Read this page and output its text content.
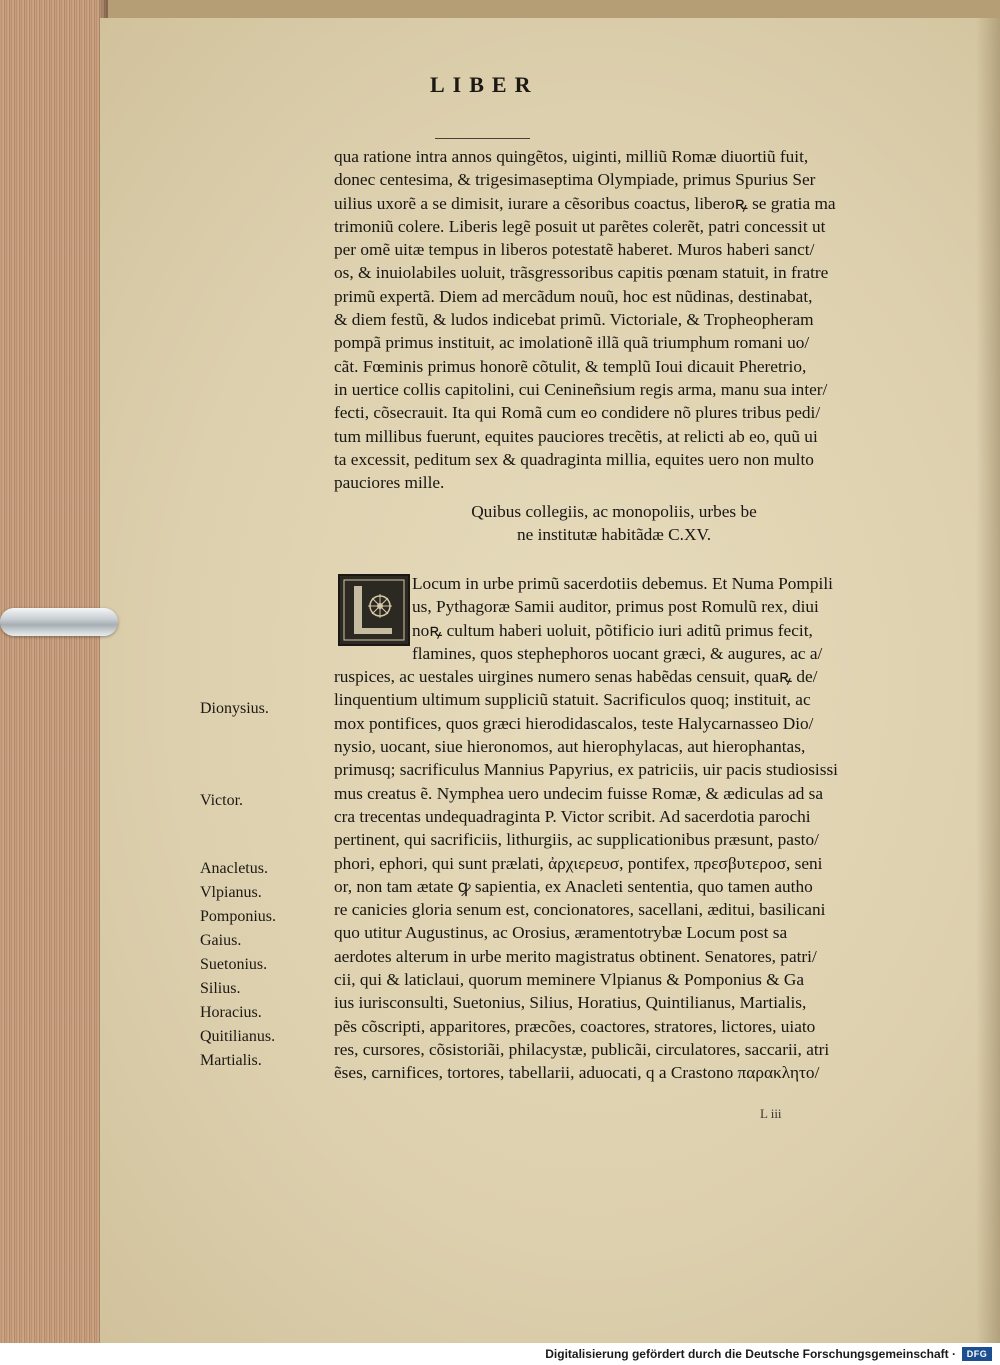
LIBER
qua ratione intra annos quingẽtos, uiginti, milliũ Romæ diuortiũ fuit,
donec centesima, & trigesimaseptima Olympiade, primus Spurius Ser
uilius uxorẽ a se dimisit, iurare a cẽsoribus coactus, liberoꝶ se gratia ma
trimoniũ colere. Liberis legẽ posuit ut parẽtes colerẽt, patri concessit ut
per omẽ uitæ tempus in liberos potestatẽ haberet. Muros haberi sanct/
os, & inuiolabiles uoluit, trãsgressoribus capitis pœnam statuit, in fratre
primũ expertã. Diem ad mercãdum nouũ, hoc est nũdinas, destinabat,
& diem festũ, & ludos indicebat primũ. Victoriale, & Tropheopheram
pompã primus instituit, ac imolationẽ illã quã triumphum romani uo/
cãt. Fœminis primus honorẽ cõtulit, & templũ Ioui dicauit Pheretrio,
in uertice collis capitolini, cui Cenineñsium regis arma, manu sua inter/
fecti, cõsecrauit. Ita qui Romã cum eo condidere nõ plures tribus pedi/
tum millibus fuerunt, equites pauciores trecẽtis, at relicti ab eo, quũ ui
ta excessit, peditum sex & quadraginta millia, equites uero non multo
pauciores mille.
Quibus collegiis, ac monopoliis, urbes be
ne institutæ habitãdæ C.XV.
Locum in urbe primũ sacerdotiis debemus. Et Numa Pompili
us, Pythagoræ Samii auditor, primus post Romulũ rex, diui
noꝶ cultum haberi uoluit, põtificio iuri aditũ primus fecit,
flamines, quos stephephoros uocant græci, & augures, ac a/
ruspices, ac uestales uirgines numero senas habẽdas censuit, quaꝶ de/
linquentium ultimum suppliciũ statuit. Sacrificulos quoq; instituit, ac
mox pontifices, quos græci hierodidascalos, teste Halycarnasseo Dio/
nysio, uocant, siue hieronomos, aut hierophylacas, aut hierophantas,
primusq; sacrificulus Mannius Papyrius, ex patriciis, uir pacis studiosissi
mus creatus ẽ. Nymphea uero undecim fuisse Romæ, & ædiculas ad sa
cra trecentas undequadraginta P. Victor scribit. Ad sacerdotia parochi
pertinent, qui sacrificiis, lithurgiis, ac supplicationibus præsunt, pasto/
phori, ephori, qui sunt prælati, ἀρχιερευσ, pontifex, πρεσβυτεροσ, seni
or, non tam ætate ꝙ sapientia, ex Anacleti sententia, quo tamen autho
re canicies gloria senum est, concionatores, sacellani, æditui, basilicani
quo utitur Augustinus, ac Orosius, æramentotrybæ Locum post sa
aerdotes alterum in urbe merito magistratus obtinent. Senatores, patri/
cii, qui & laticlaui, quorum meminere Vlpianus & Pomponius & Ga
ius iurisconsulti, Suetonius, Silius, Horatius, Quintilianus, Martialis,
pẽs cõscripti, apparitores, præcões, coactores, stratores, lictores, uiato
res, cursores, cõsistoriãi, philacystæ, publicãi, circulatores, saccarii, atri
ẽses, carnifices, tortores, tabellarii, aduocati, q a Crastono παρακλητο/
Dionysius.
Victor.
Anacletus.
Vlpianus.
Pomponius.
Gaius.
Suetonius.
Silius.
Horacius.
Quitilianus.
Martialis.
L iii
Digitalisierung gefördert durch die Deutsche Forschungsgemeinschaft ·	DFG
